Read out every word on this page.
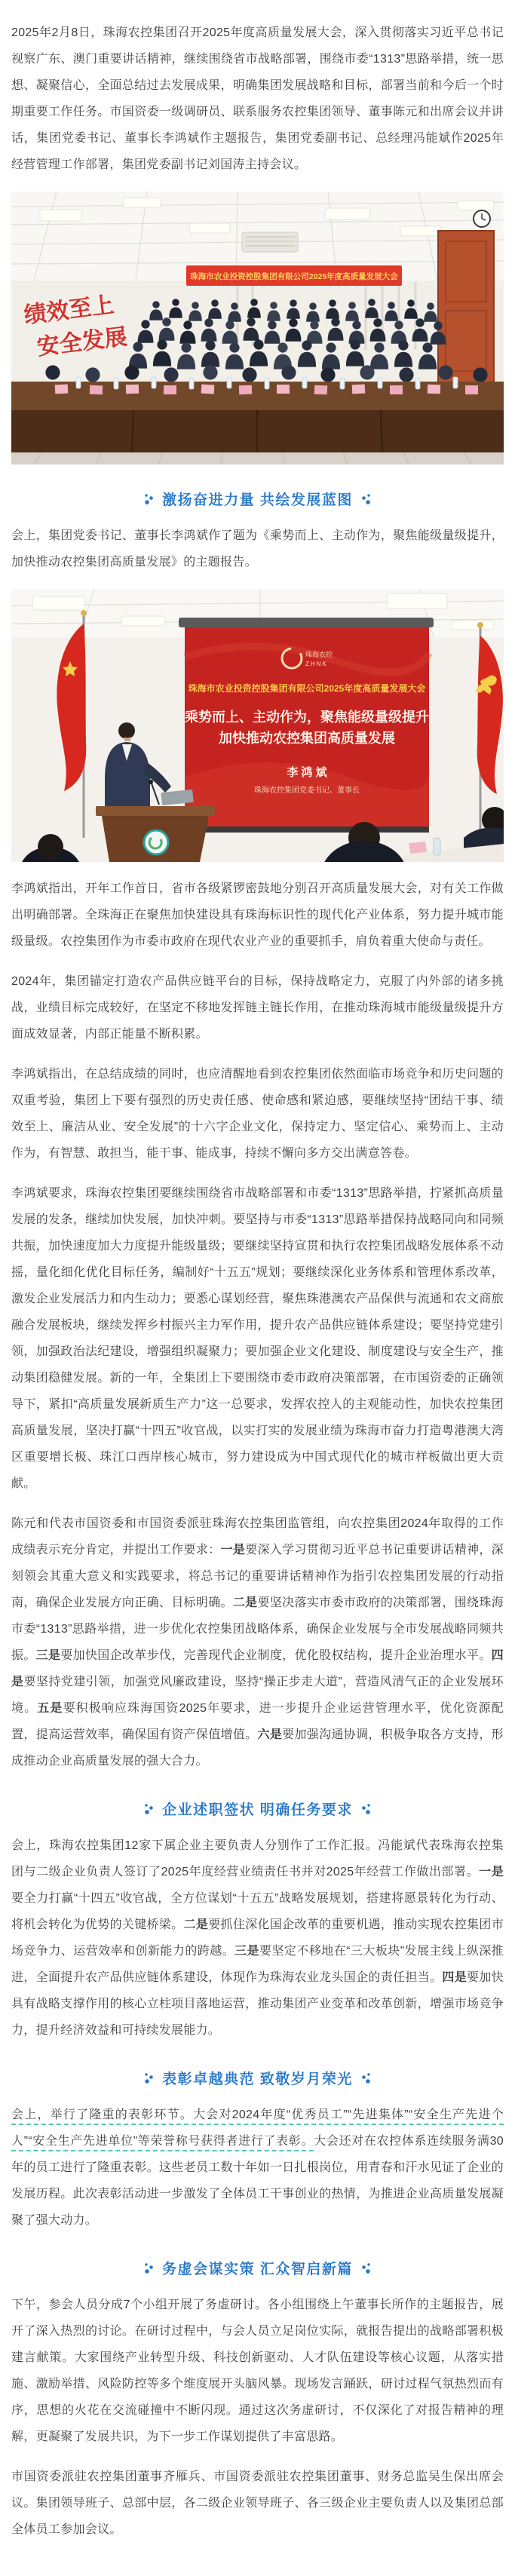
2025年2月8日，珠海农控集团召开2025年度高质量发展大会，深入贯彻落实习近平总书记视察广东、澳门重要讲话精神，继续围绕省市战略部署，围绕市委“1313”思路举措，统一思想、凝聚信心，全面总结过去发展成果，明确集团发展战略和目标，部署当前和今后一个时期重要工作任务。市国资委一级调研员、联系服务农控集团领导、董事陈元和出席会议并讲话，集团党委书记、董事长李鸿斌作主题报告，集团党委副书记、总经理冯能斌作2025年经营管理工作部署，集团党委副书记刘国涛主持会议。

珠海市农业投资控股集团有限公司2025年度高质量发展大会
绩效至上
安全发展
激扬奋进力量 共绘发展蓝图

会上，集团党委书记、董事长李鸿斌作了题为《乘势而上、主动作为，聚焦能级量级提升，加快推动农控集团高质量发展》的主题报告。

珠海农控
ZHNK
珠海市农业投资控股集团有限公司2025年度高质量发展大会
乘势而上、主动作为，聚焦能级量级提升
加快推动农控集团高质量发展
李 鸿 斌
珠海农控集团党委书记、董事长

李鸿斌指出，开年工作首日，省市各级紧锣密鼓地分别召开高质量发展大会，对有关工作做出明确部署。全珠海正在聚焦加快建设具有珠海标识性的现代化产业体系，努力提升城市能级量级。农控集团作为市委市政府在现代农业产业的重要抓手，肩负着重大使命与责任。

2024年，集团锚定打造农产品供应链平台的目标，保持战略定力，克服了内外部的诸多挑战，业绩目标完成较好，在坚定不移地发挥链主链长作用，在推动珠海城市能级量级提升方面成效显著，内部正能量不断积累。

李鸿斌指出，在总结成绩的同时，也应清醒地看到农控集团依然面临市场竞争和历史问题的双重考验，集团上下要有强烈的历史责任感、使命感和紧迫感，要继续坚持“团结干事、绩效至上、廉洁从业、安全发展”的十六字企业文化，保持定力、坚定信心、乘势而上、主动作为，有智慧、敢担当，能干事、能成事，持续不懈向多方交出满意答卷。

李鸿斌要求，珠海农控集团要继续围绕省市战略部署和市委“1313”思路举措，拧紧抓高质量发展的发条，继续加快发展，加快冲刺。要坚持与市委“1313”思路举措保持战略同向和同频共振，加快速度加大力度提升能级量级；要继续坚持宣贯和执行农控集团战略发展体系不动摇，量化细化优化目标任务，编制好“十五五”规划；要继续深化业务体系和管理体系改革，激发企业发展活力和内生动力；要悉心谋划经营，聚焦珠港澳农产品保供与流通和农文商旅融合发展板块，继续发挥乡村振兴主力军作用，提升农产品供应链体系建设；要坚持党建引领，加强政治法纪建设，增强组织凝聚力；要加强企业文化建设、制度建设与安全生产，推动集团稳健发展。新的一年，全集团上下要围绕市委市政府决策部署，在市国资委的正确领导下，紧扣“高质量发展新质生产力”这一总要求，发挥农控人的主观能动性，加快农控集团高质量发展，坚决打赢“十四五”收官战，以实打实的发展业绩为珠海市奋力打造粤港澳大湾区重要增长极、珠江口西岸核心城市，努力建设成为中国式现代化的城市样板做出更大贡献。

陈元和代表市国资委和市国资委派驻珠海农控集团监管组，向农控集团2024年取得的工作成绩表示充分肯定，并提出工作要求：一是要深入学习贯彻习近平总书记重要讲话精神，深刻领会其重大意义和实践要求，将总书记的重要讲话精神作为指引农控集团发展的行动指南，确保企业发展方向正确、目标明确。二是要坚决落实市委市政府的决策部署，围绕珠海市委“1313”思路举措，进一步优化农控集团战略体系，确保企业发展与全市发展战略同频共振。三是要加快国企改革步伐，完善现代企业制度，优化股权结构，提升企业治理水平。四是要坚持党建引领，加强党风廉政建设，坚持“操正步走大道”，营造风清气正的企业发展环境。五是要积极响应珠海国资2025年要求，进一步提升企业运营管理水平，优化资源配置，提高运营效率，确保国有资产保值增值。六是要加强沟通协调，积极争取各方支持，形成推动企业高质量发展的强大合力。

企业述职签状 明确任务要求

会上，珠海农控集团12家下属企业主要负责人分别作了工作汇报。冯能斌代表珠海农控集团与二级企业负责人签订了2025年度经营业绩责任书并对2025年经营工作做出部署。一是要全力打赢“十四五”收官战，全方位谋划“十五五”战略发展规划，搭建将愿景转化为行动、将机会转化为优势的关键桥梁。二是要抓住深化国企改革的重要机遇，推动实现农控集团市场竞争力、运营效率和创新能力的跨越。三是要坚定不移地在“三大板块”发展主线上纵深推进，全面提升农产品供应链体系建设，体现作为珠海农业龙头国企的责任担当。四是要加快具有战略支撑作用的核心立柱项目落地运营，推动集团产业变革和改革创新，增强市场竞争力，提升经济效益和可持续发展能力。

表彰卓越典范 致敬岁月荣光

会上，举行了隆重的表彰环节。大会对2024年度“优秀员工”“先进集体”“安全生产先进个人”“安全生产先进单位”等荣誉称号获得者进行了表彰。大会还对在农控体系连续服务满30年的员工进行了隆重表彰。这些老员工数十年如一日扎根岗位，用青春和汗水见证了企业的发展历程。此次表彰活动进一步激发了全体员工干事创业的热情，为推进企业高质量发展凝聚了强大动力。

务虚会谋实策 汇众智启新篇

下午，参会人员分成7个小组开展了务虚研讨。各小组围绕上午董事长所作的主题报告，展开了深入热烈的讨论。在研讨过程中，与会人员立足岗位实际，就报告提出的战略部署积极建言献策。大家围绕产业转型升级、科技创新驱动、人才队伍建设等核心议题，从落实措施、激励举措、风险防控等多个维度展开头脑风暴。现场发言踊跃，研讨过程气氛热烈而有序，思想的火花在交流碰撞中不断闪现。通过这次务虚研讨，不仅深化了对报告精神的理解，更凝聚了发展共识，为下一步工作谋划提供了丰富思路。

市国资委派驻农控集团董事齐雁兵、市国资委派驻农控集团董事、财务总监吴生保出席会议。集团领导班子、总部中层，各二级企业领导班子、各三级企业主要负责人以及集团总部全体员工参加会议。
